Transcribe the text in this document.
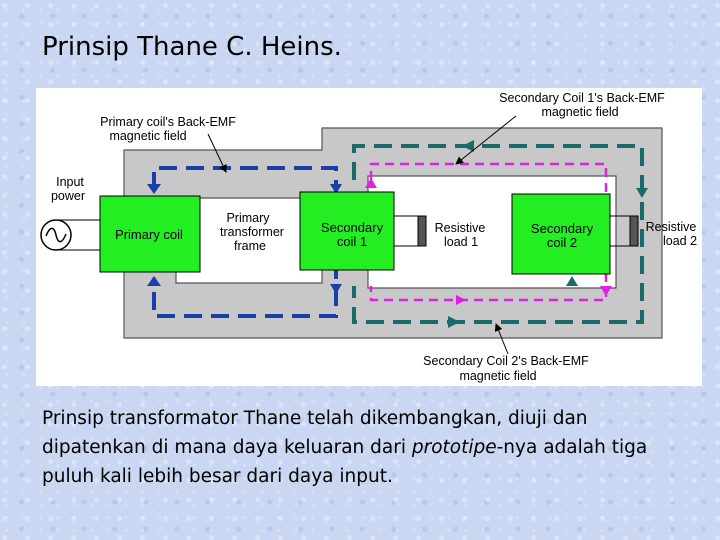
Prinsip Thane C. Heins.
Primary coil's Back-EMF
magnetic field
Secondary Coil 1's Back-EMF
magnetic field
Input
power
Primary coil
Primary
transformer
frame
Secondary
coil 1
Resistive
load 1
Secondary
coil 2
Resistive
load 2
Secondary Coil 2's Back-EMF
magnetic field

Prinsip transformator Thane telah dikembangkan, diuji dan dipatenkan di mana daya keluaran dari prototipe-nya adalah tiga puluh kali lebih besar dari daya input.
